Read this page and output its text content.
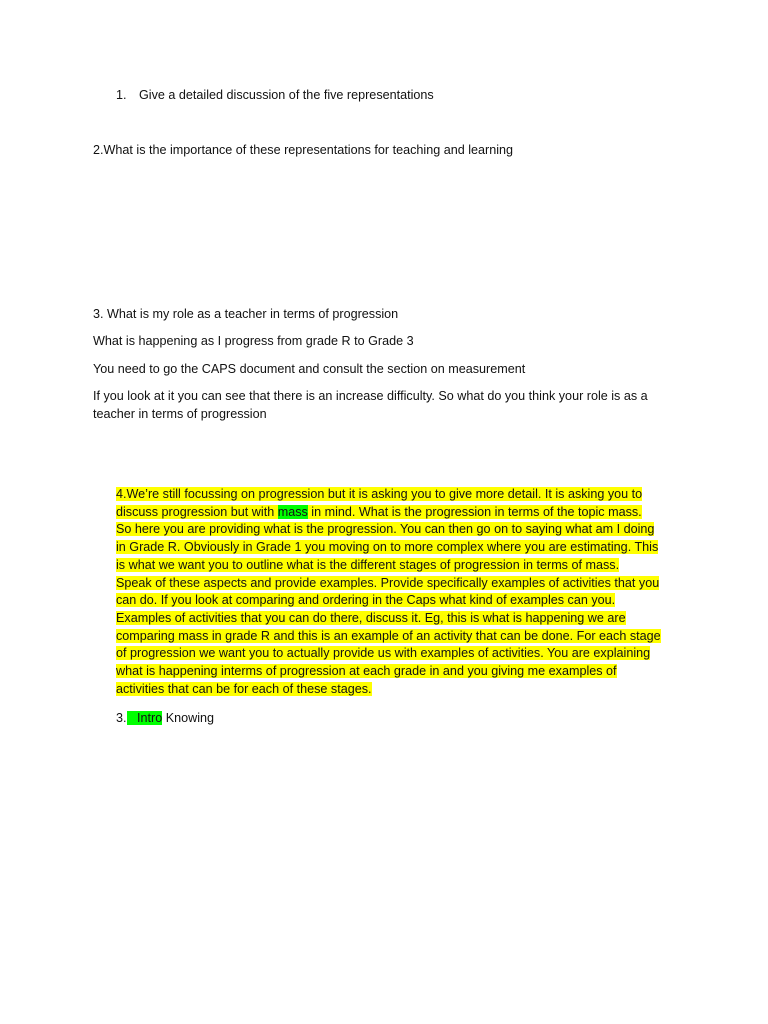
1. Give a detailed discussion of the five representations
2.What is the importance of these representations for teaching and learning
3. What is my role as a teacher in terms of progression
What is happening as I progress from grade R to Grade 3
You need to go the CAPS document and consult the section on measurement
If you look at it you can see that there is an increase difficulty. So what do you think your role is as a
teacher in terms of progression
4.We’re still focussing on progression but it is asking you to give more detail. It is asking you to
discuss progression but with mass in mind. What is the progression in terms of the topic mass.
So here you are providing what is the progression. You can then go on to saying what am I doing
in Grade R. Obviously in Grade 1 you moving on to more complex where you are estimating. This
is what we want you to outline what is the different stages of progression in terms of mass.
Speak of these aspects and provide examples. Provide specifically examples of activities that you
can do. If you look at comparing and ordering in the Caps what kind of examples can you.
Examples of activities that you can do there, discuss it. Eg, this is what is happening we are
comparing mass in grade R and this is an example of an activity that can be done. For each stage
of progression we want you to actually provide us with examples of activities. You are explaining
what is happening interms of progression at each grade in and you giving me examples of
activities that can be for each of these stages.
3.   Intro Knowing
